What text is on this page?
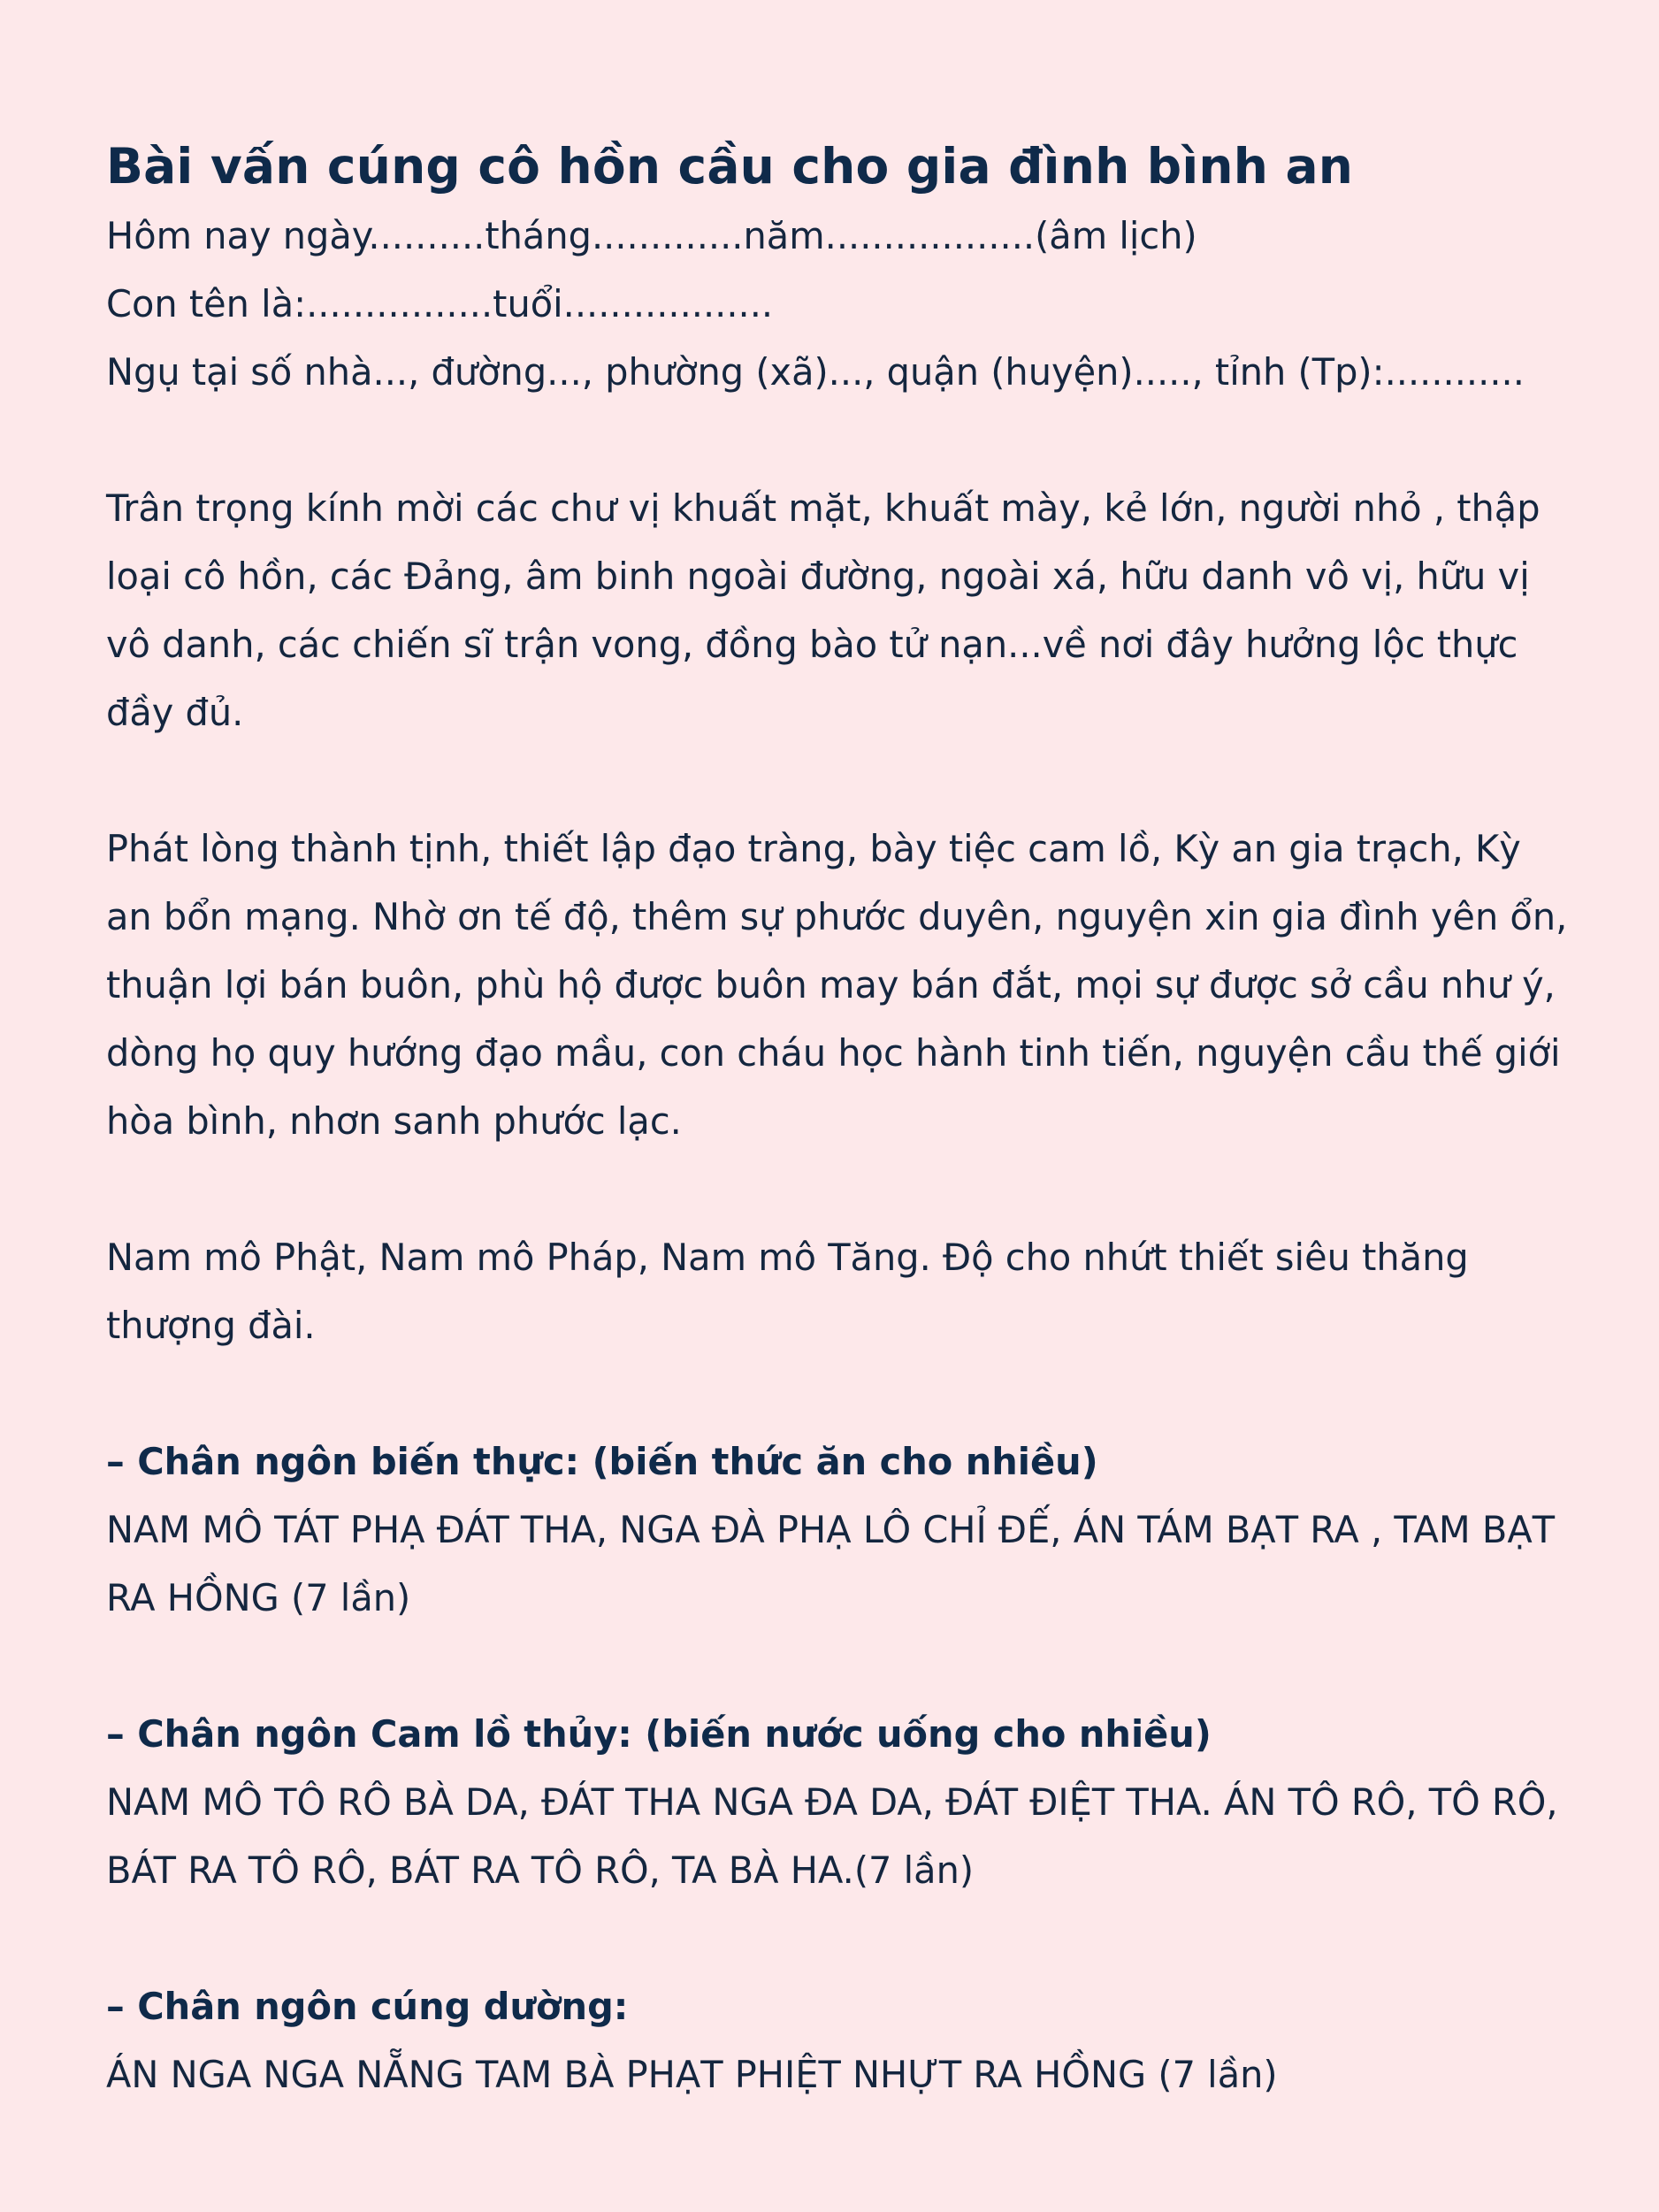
Bài vấn cúng cô hồn cầu cho gia đình bình an

Hôm nay ngày..........tháng.............năm..................(âm lịch)

Con tên là:................tuổi..................

Ngụ tại số nhà..., đường..., phường (xã)..., quận (huyện)....., tỉnh (Tp):............

Trân trọng kính mời các chư vị khuất mặt, khuất mày, kẻ lớn, người nhỏ , thập loại cô hồn, các Đảng, âm binh ngoài đường, ngoài xá, hữu danh vô vị, hữu vị vô danh, các chiến sĩ trận vong, đồng bào tử nạn...về nơi đây hưởng lộc thực đầy đủ.

Phát lòng thành tịnh, thiết lập đạo tràng, bày tiệc cam lồ, Kỳ an gia trạch, Kỳ an bổn mạng. Nhờ ơn tế độ, thêm sự phước duyên, nguyện xin gia đình yên ổn, thuận lợi bán buôn, phù hộ được buôn may bán đắt, mọi sự được sở cầu như ý, dòng họ quy hướng đạo mầu, con cháu học hành tinh tiến, nguyện cầu thế giới hòa bình, nhơn sanh phước lạc.

Nam mô Phật, Nam mô Pháp, Nam mô Tăng. Độ cho nhứt thiết siêu thăng thượng đài.

– Chân ngôn biến thực: (biến thức ăn cho nhiều)

NAM MÔ TÁT PHẠ ĐÁT THA, NGA ĐÀ PHẠ LÔ CHỈ ĐẾ, ÁN TÁM BẠT RA , TAM BẠT RA HỒNG (7 lần)

– Chân ngôn Cam lồ thủy: (biến nước uống cho nhiều)

NAM MÔ TÔ RÔ BÀ DA, ĐÁT THA NGA ĐA DA, ĐÁT ĐIỆT THA. ÁN TÔ RÔ, TÔ RÔ, BÁT RA TÔ RÔ, BÁT RA TÔ RÔ, TA BÀ HA.(7 lần)

– Chân ngôn cúng dường:

ÁN NGA NGA NẴNG TAM BÀ PHẠT PHIỆT NHỰT RA HỒNG (7 lần)
